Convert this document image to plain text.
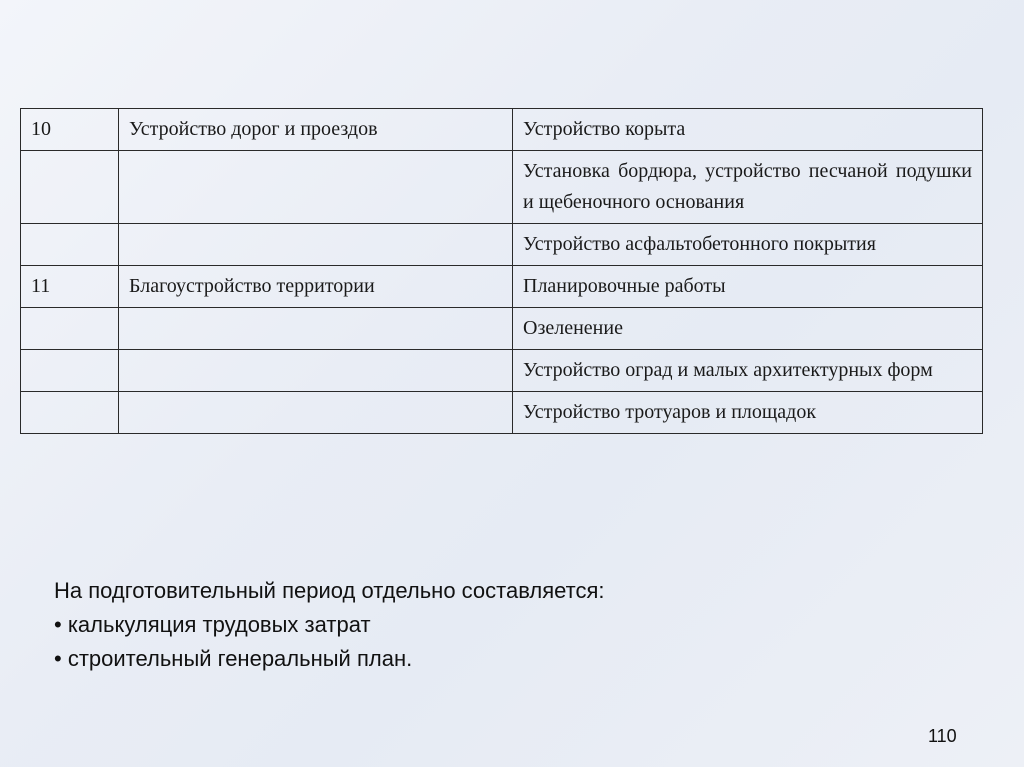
10	Устройство дорог и проездов	Устройство корыта
		Установка бордюра, устройство песчаной подушки и щебеночного основания
		Устройство асфальтобетонного покрытия
11	Благоустройство территории	Планировочные работы
		Озеленение
		Устройство оград и малых архитектурных форм
		Устройство тротуаров и площадок
На подготовительный период отдельно составляется:
• калькуляция трудовых затрат
• строительный генеральный план.
110
